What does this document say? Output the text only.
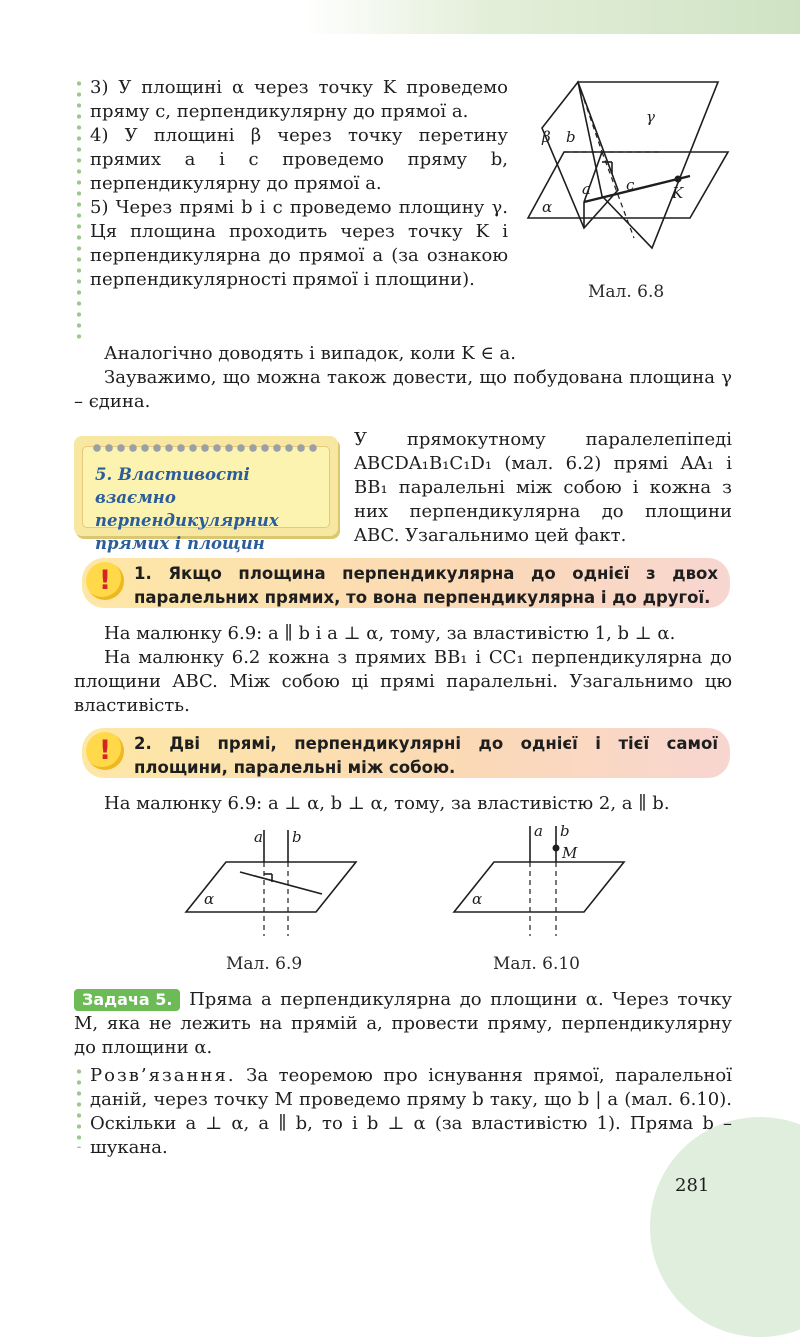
3) У площині α через точку K проведемо пряму c, перпендикулярну до прямої a.

4) У площині β через точку перетину прямих a і c проведемо пряму b, перпендикулярну до прямої a.

5) Через прямі b і c проведемо площину γ. Ця площина проходить через точку K і перпендикулярна до прямої a (за ознакою перпендикулярності прямої і площини).

γ
β b
a c	K
α
Мал. 6.8

Аналогічно доводять і випадок, коли K ∈ a.

Зауважимо, що можна також довести, що побудована площина γ – єдина.

5. Властивості взаємно перпендикулярних прямих і площин

У прямокутному паралелепіпеді ABCDA₁B₁C₁D₁ (мал. 6.2) прямі AA₁ і BB₁ паралельні між собою і кожна з них перпендикулярна до площини ABC. Узагальнимо цей факт.

!	1. Якщо площина перпендикулярна до однієї з двох паралельних прямих, то вона перпендикулярна і до другої.

На малюнку 6.9: a ∥ b і a ⊥ α, тому, за властивістю 1, b ⊥ α.

На малюнку 6.2 кожна з прямих BB₁ і CC₁ перпендикулярна до площини ABC. Між собою ці прямі паралельні. Узагальнимо цю властивість.

!	2. Дві прямі, перпендикулярні до однієї і тієї самої площини, паралельні між собою.

На малюнку 6.9: a ⊥ α, b ⊥ α, тому, за властивістю 2, a ∥ b.

a b
α
Мал. 6.9
a b
M
α
Мал. 6.10

Задача 5. Пряма a перпендикулярна до площини α. Через точку M, яка не лежить на прямій a, провести пряму, перпендикулярну до площини α.

Розв’язання. За теоремою про існування прямої, паралельної даній, через точку M проведемо пряму b таку, що b | a (мал. 6.10). Оскільки a ⊥ α, a ∥ b, то і b ⊥ α (за властивістю 1). Пряма b – шукана.

281
